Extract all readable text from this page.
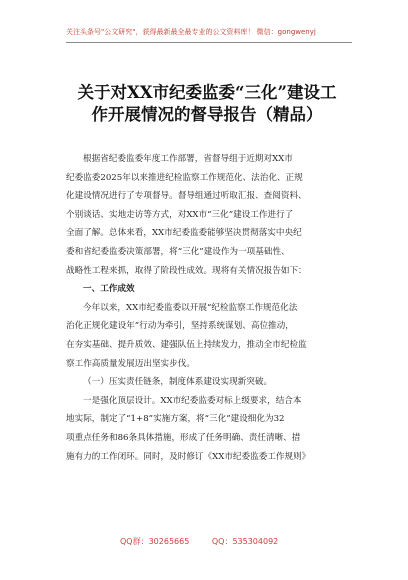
关注头条号"公文研究"，获得最新最全最专业的公文资料库！ 微信：gongwenyj
关于对XX市纪委监委“三化”建设工
作开展情况的督导报告（精品）
根据省纪委监委年度工作部署，省督导组于近期对XX市
纪委监委2025年以来推进纪检监察工作规范化、法治化、正规
化建设情况进行了专项督导。督导组通过听取汇报、查阅资料、
个别谈话、实地走访等方式，对XX市“三化”建设工作进行了
全面了解。总体来看，XX市纪委监委能够坚决贯彻落实中央纪
委和省纪委监委决策部署，将“三化”建设作为一项基础性、
战略性工程来抓，取得了阶段性成效。现将有关情况报告如下：
一、工作成效
今年以来，XX市纪委监委以开展“纪检监察工作规范化法
治化正规化建设年”行动为牵引，坚持系统谋划、高位推动，
在夯实基础、提升质效、建强队伍上持续发力，推动全市纪检监
察工作高质量发展迈出坚实步伐。
（一）压实责任链条，制度体系建设实现新突破。
一是强化顶层设计。XX市纪委监委对标上级要求，结合本
地实际，制定了“1+8”实施方案，将“三化”建设细化为32
项重点任务和86条具体措施，形成了任务明确、责任清晰、措
施有力的工作闭环。同时，及时修订《XX市纪委监委工作规则》
QQ群：30265665	QQ：535304092
